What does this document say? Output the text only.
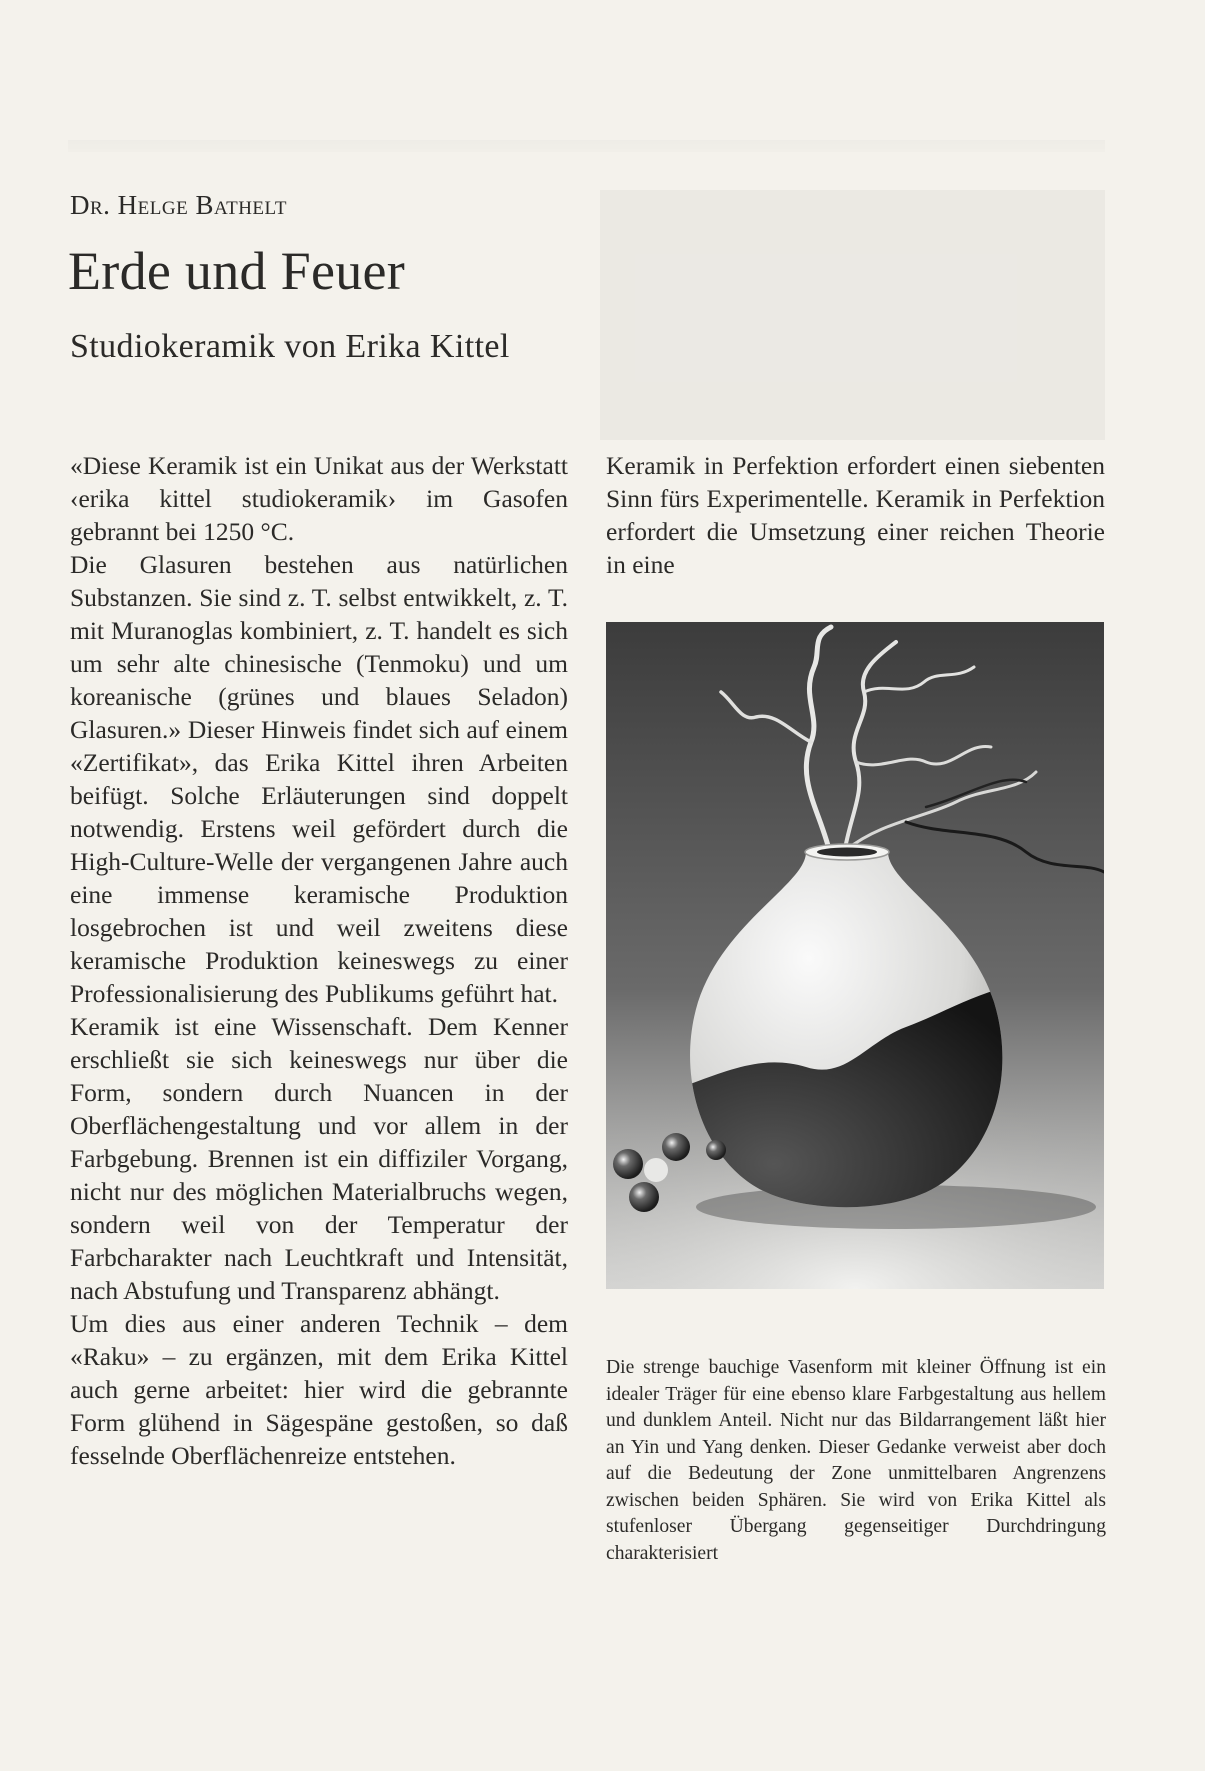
Dr. Helge Bathelt
Erde und Feuer
Studiokeramik von Erika Kittel

«Diese Keramik ist ein Unikat aus der Werkstatt ‹erika kittel studiokeramik› im Gasofen gebrannt bei 1250 °C.

Die Glasuren bestehen aus natürlichen Substanzen. Sie sind z. T. selbst entwikkelt, z. T. mit Muranoglas kombiniert, z. T. handelt es sich um sehr alte chinesische (Tenmoku) und um koreanische (grünes und blaues Seladon) Glasuren.» Dieser Hinweis findet sich auf einem «Zertifikat», das Erika Kittel ihren Arbeiten beifügt. Solche Erläuterungen sind doppelt notwendig. Erstens weil gefördert durch die High-Culture-Welle der vergangenen Jahre auch eine immense keramische Produktion losgebrochen ist und weil zweitens diese keramische Produktion keineswegs zu einer Professionalisierung des Publikums geführt hat.

Keramik ist eine Wissenschaft. Dem Kenner erschließt sie sich keineswegs nur über die Form, sondern durch Nuancen in der Oberflächengestaltung und vor allem in der Farbgebung. Brennen ist ein diffiziler Vorgang, nicht nur des möglichen Materialbruchs wegen, sondern weil von der Temperatur der Farbcharakter nach Leuchtkraft und Intensität, nach Abstufung und Transparenz abhängt.

Um dies aus einer anderen Technik – dem «Raku» – zu ergänzen, mit dem Erika Kittel auch gerne arbeitet: hier wird die gebrannte Form glühend in Sägespäne gestoßen, so daß fesselnde Oberflächenreize entstehen.

Keramik in Perfektion erfordert einen siebenten Sinn fürs Experimentelle. Keramik in Perfektion erfordert die Umsetzung einer reichen Theorie in eine

Die strenge bauchige Vasenform mit kleiner Öffnung ist ein idealer Träger für eine ebenso klare Farbgestaltung aus hellem und dunklem Anteil. Nicht nur das Bildarrangement läßt hier an Yin und Yang denken. Dieser Gedanke verweist aber doch auf die Bedeutung der Zone unmittelbaren Angrenzens zwischen beiden Sphären. Sie wird von Erika Kittel als stufenloser Übergang gegenseitiger Durchdringung charakterisiert
